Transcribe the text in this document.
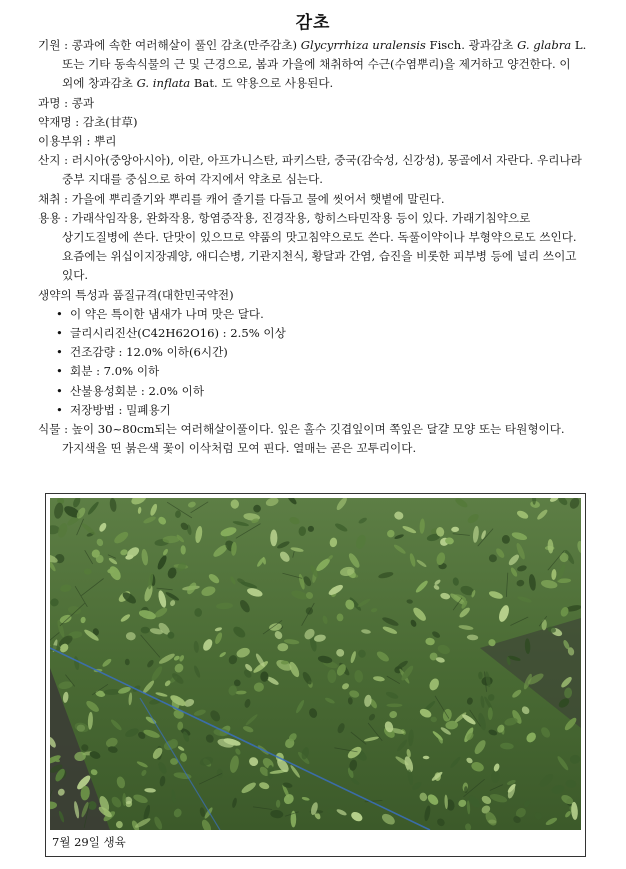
감초

기원 : 콩과에 속한 여러해살이 풀인 감초(만주감초) Glycyrrhiza uralensis Fisch. 광과감초 G. glabra L. 또는 기타 동속식물의 근 및 근경으로, 봄과 가을에 채취하여 수근(수염뿌리)을 제거하고 양건한다. 이 외에 창과감초 G. inflata Bat. 도 약용으로 사용된다.

과명 : 콩과

약재명 : 감초(甘草)

이용부위 : 뿌리

산지 : 러시아(중앙아시아), 이란, 아프가니스탄, 파키스탄, 중국(감숙성, 신강성), 몽골에서 자란다. 우리나라 중부 지대를 중심으로 하여 각지에서 약초로 심는다.

채취 : 가을에 뿌리줄기와 뿌리를 캐어 줄기를 다듬고 물에 씻어서 햇볕에 말린다.

용용 : 가래삭임작용, 완화작용, 항염증작용, 진경작용, 항히스타민작용 등이 있다. 가래기침약으로 상기도질병에 쓴다. 단맛이 있으므로 약품의 맛고침약으로도 쓴다. 독풀이약이나 부형약으로도 쓰인다. 요즘에는 위십이지장궤양, 애디슨병, 기관지천식, 황달과 간염, 습진을 비롯한 피부병 등에 널리 쓰이고 있다.

생약의 특성과 품질규격(대한민국약전)

• 이 약은 특이한 냄새가 나며 맛은 달다.
• 글리시리진산(C42H62O16) : 2.5% 이상
• 건조감량 : 12.0% 이하(6시간)
• 회분 : 7.0% 이하
• 산불용성회분 : 2.0% 이하
• 저장방법 : 밀폐용기

식물 : 높이 30~80cm되는 여러해살이풀이다. 잎은 홀수 깃겹잎이며 쪽잎은 달걀 모양 또는 타원형이다. 가지색을 띤 붉은색 꽃이 이삭처럼 모여 핀다. 열매는 곧은 꼬투리이다.

7월 29일 생육
